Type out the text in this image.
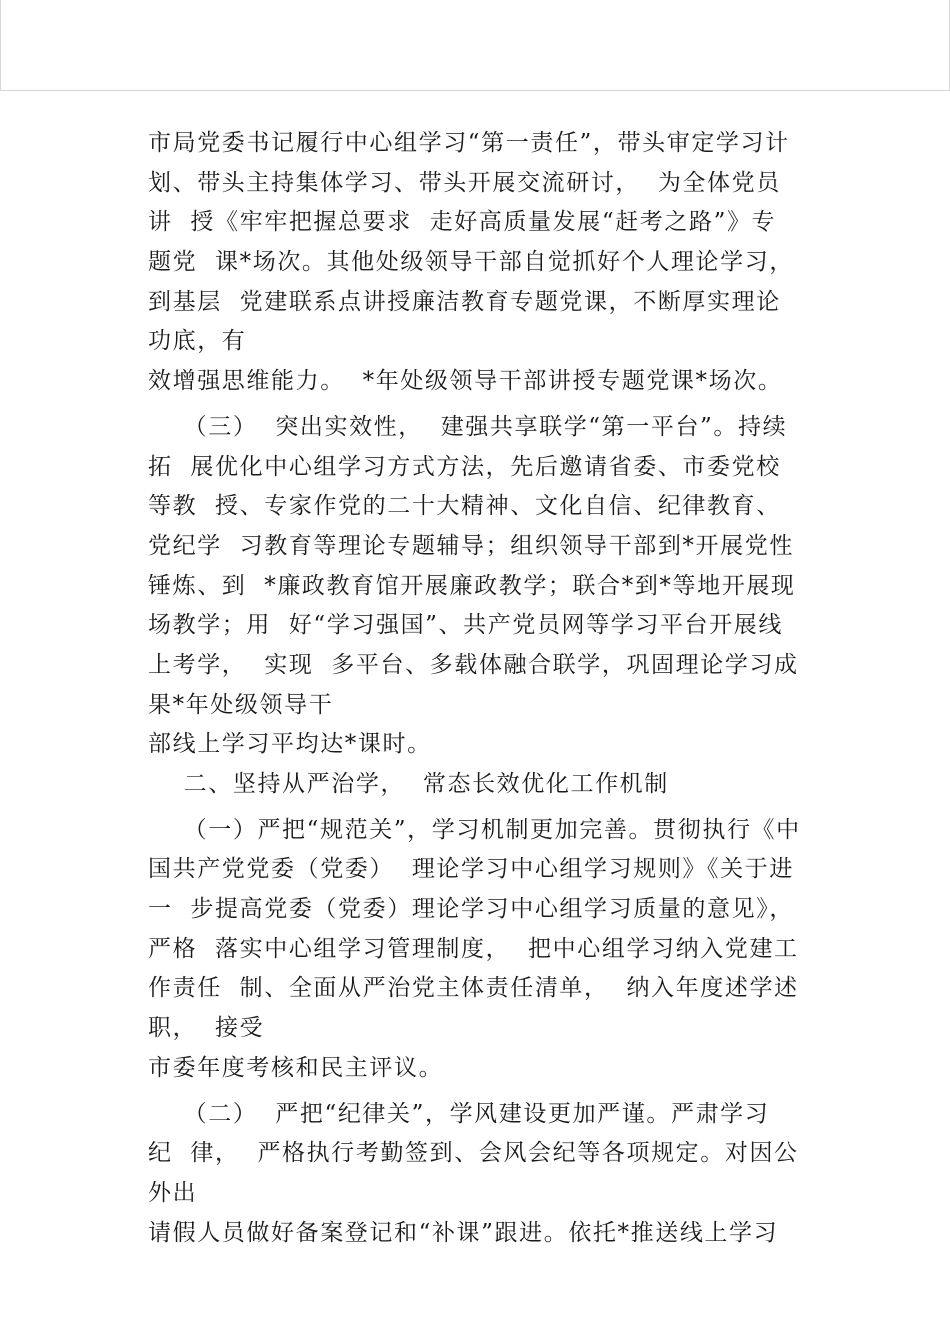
市局党委书记履行中心组学习“第一责任”，带头审定学习计
划、带头主持集体学习、带头开展交流研讨，  为全体党员
讲  授《牢牢把握总要求  走好高质量发展“赶考之路”》专
题党  课*场次。其他处级领导干部自觉抓好个人理论学习，
到基层  党建联系点讲授廉洁教育专题党课，不断厚实理论
功底，有
效增强思维能力。  *年处级领导干部讲授专题党课*场次。
（三）  突出实效性，  建强共享联学“第一平台”。持续
拓  展优化中心组学习方式方法，先后邀请省委、市委党校
等教  授、专家作党的二十大精神、文化自信、纪律教育、
党纪学  习教育等理论专题辅导；组织领导干部到*开展党性
锤炼、到  *廉政教育馆开展廉政教学；联合*到*等地开展现
场教学；用  好“学习强国”、共产党员网等学习平台开展线
上考学，  实现  多平台、多载体融合联学，巩固理论学习成
果*年处级领导干
部线上学习平均达*课时。
二、坚持从严治学，  常态长效优化工作机制
（一）严把“规范关”，学习机制更加完善。贯彻执行《中
国共产党党委（党委）  理论学习中心组学习规则》《关于进
一  步提高党委（党委）理论学习中心组学习质量的意见》，
严格  落实中心组学习管理制度，  把中心组学习纳入党建工
作责任  制、全面从严治党主体责任清单，  纳入年度述学述
职，  接受
市委年度考核和民主评议。
（二）  严把“纪律关”，学风建设更加严谨。严肃学习
纪  律，  严格执行考勤签到、会风会纪等各项规定。对因公
外出
请假人员做好备案登记和“补课”跟进。依托*推送线上学习
